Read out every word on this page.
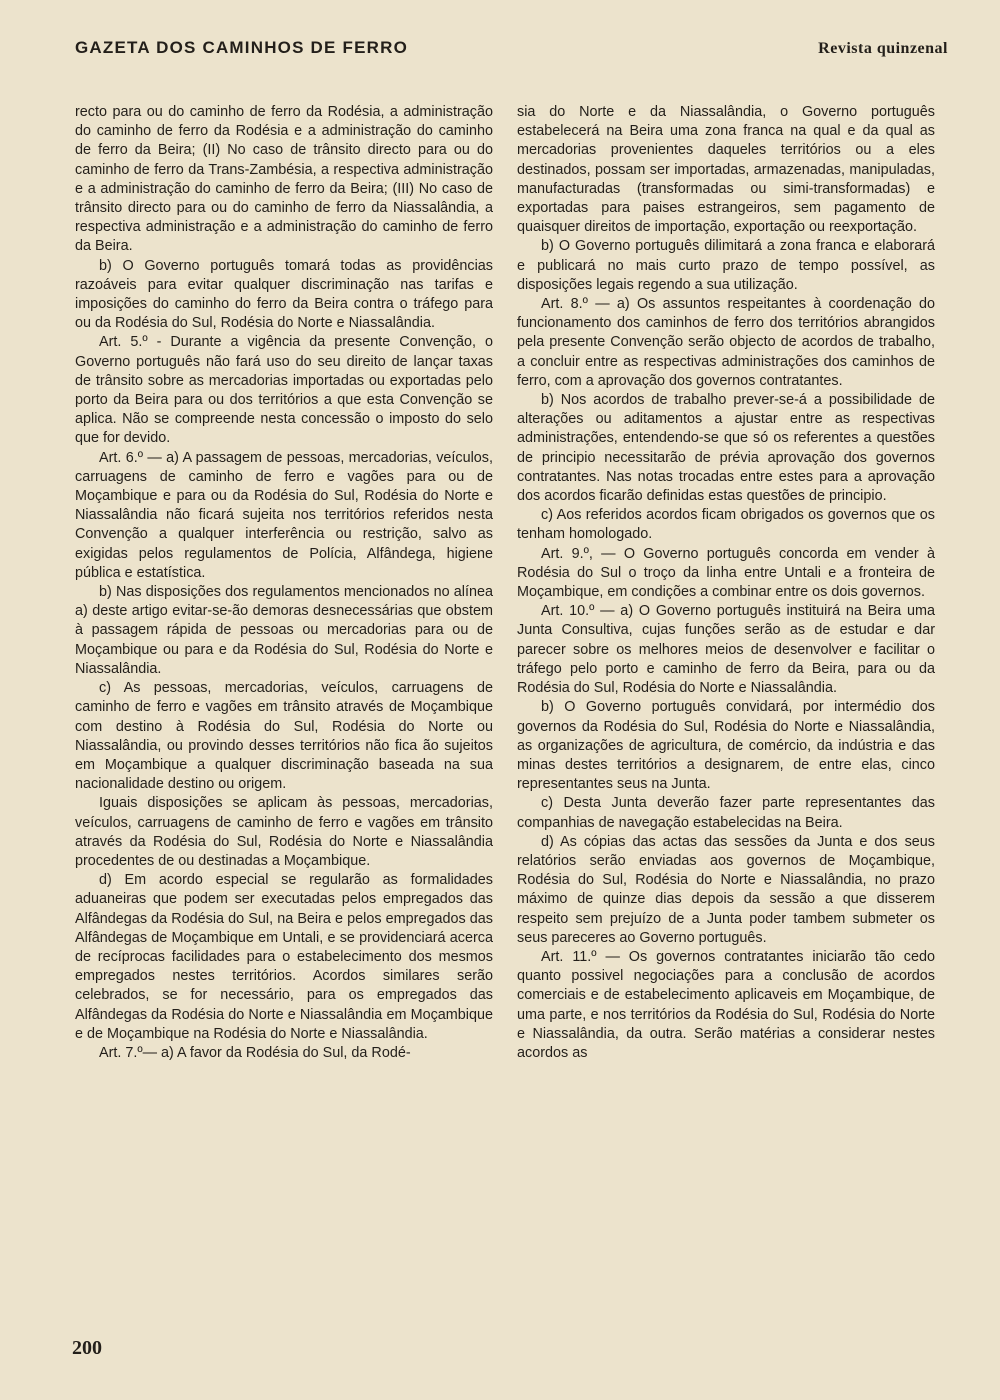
GAZETA DOS CAMINHOS DE FERRO	Revista quinzenal

recto para ou do caminho de ferro da Rodésia, a administração do caminho de ferro da Rodésia e a administração do caminho de ferro da Beira; (II) No caso de trânsito directo para ou do caminho de ferro da Trans-Zambésia, a respectiva administração e a administração do caminho de ferro da Beira; (III) No caso de trânsito directo para ou do caminho de ferro da Niassalândia, a respectiva administração e a administração do caminho de ferro da Beira.

b) O Governo português tomará todas as providências razoáveis para evitar qualquer discriminação nas tarifas e imposições do caminho do ferro da Beira contra o tráfego para ou da Rodésia do Sul, Rodésia do Norte e Niassalândia.

Art. 5.º - Durante a vigência da presente Convenção, o Governo português não fará uso do seu direito de lançar taxas de trânsito sobre as mercadorias importadas ou exportadas pelo porto da Beira para ou dos territórios a que esta Convenção se aplica. Não se compreende nesta concessão o imposto do selo que for devido.

Art. 6.º — a) A passagem de pessoas, mercadorias, veículos, carruagens de caminho de ferro e vagões para ou de Moçambique e para ou da Rodésia do Sul, Rodésia do Norte e Niassalândia não ficará sujeita nos territórios referidos nesta Convenção a qualquer interferência ou restrição, salvo as exigidas pelos regulamentos de Polícia, Alfândega, higiene pública e estatística.

b) Nas disposições dos regulamentos mencionados no alínea a) deste artigo evitar-se-ão demoras desnecessárias que obstem à passagem rápida de pessoas ou mercadorias para ou de Moçambique ou para e da Rodésia do Sul, Rodésia do Norte e Niassalândia.

c) As pessoas, mercadorias, veículos, carruagens de caminho de ferro e vagões em trânsito através de Moçambique com destino à Rodésia do Sul, Rodésia do Norte ou Niassalândia, ou provindo desses territórios não fica ão sujeitos em Moçambique a qualquer discriminação baseada na sua nacionalidade destino ou origem.

Iguais disposições se aplicam às pessoas, mercadorias, veículos, carruagens de caminho de ferro e vagões em trânsito através da Rodésia do Sul, Rodésia do Norte e Niassalândia procedentes de ou destinadas a Moçambique.

d) Em acordo especial se regularão as formalidades aduaneiras que podem ser executadas pelos empregados das Alfândegas da Rodésia do Sul, na Beira e pelos empregados das Alfândegas de Moçambique em Untali, e se providenciará acerca de recíprocas facilidades para o estabelecimento dos mesmos empregados nestes territórios. Acordos similares serão celebrados, se for necessário, para os empregados das Alfândegas da Rodésia do Norte e Niassalândia em Moçambique e de Moçambique na Rodésia do Norte e Niassalândia.

Art. 7.º— a) A favor da Rodésia do Sul, da Rodé-

sia do Norte e da Niassalândia, o Governo português estabelecerá na Beira uma zona franca na qual e da qual as mercadorias provenientes daqueles territórios ou a eles destinados, possam ser importadas, armazenadas, manipuladas, manufacturadas (transformadas ou simi-transformadas) e exportadas para paises estrangeiros, sem pagamento de quaisquer direitos de importação, exportação ou reexportação.

b) O Governo português dilimitará a zona franca e elaborará e publicará no mais curto prazo de tempo possível, as disposições legais regendo a sua utilização.

Art. 8.º — a) Os assuntos respeitantes à coordenação do funcionamento dos caminhos de ferro dos territórios abrangidos pela presente Convenção serão objecto de acordos de trabalho, a concluir entre as respectivas administrações dos caminhos de ferro, com a aprovação dos governos contratantes.

b) Nos acordos de trabalho prever-se-á a possibilidade de alterações ou aditamentos a ajustar entre as respectivas administrações, entendendo-se que só os referentes a questões de principio necessitarão de prévia aprovação dos governos contratantes. Nas notas trocadas entre estes para a aprovação dos acordos ficarão definidas estas questões de principio.

c) Aos referidos acordos ficam obrigados os governos que os tenham homologado.

Art. 9.º, — O Governo português concorda em vender à Rodésia do Sul o troço da linha entre Untali e a fronteira de Moçambique, em condições a combinar entre os dois governos.

Art. 10.º — a) O Governo português instituirá na Beira uma Junta Consultiva, cujas funções serão as de estudar e dar parecer sobre os melhores meios de desenvolver e facilitar o tráfego pelo porto e caminho de ferro da Beira, para ou da Rodésia do Sul, Rodésia do Norte e Niassalândia.

b) O Governo português convidará, por intermédio dos governos da Rodésia do Sul, Rodésia do Norte e Niassalândia, as organizações de agricultura, de comércio, da indústria e das minas destes territórios a designarem, de entre elas, cinco representantes seus na Junta.

c) Desta Junta deverão fazer parte representantes das companhias de navegação estabelecidas na Beira.

d) As cópias das actas das sessões da Junta e dos seus relatórios serão enviadas aos governos de Moçambique, Rodésia do Sul, Rodésia do Norte e Niassalândia, no prazo máximo de quinze dias depois da sessão a que disserem respeito sem prejuízo de a Junta poder tambem submeter os seus pareceres ao Governo português.

Art. 11.º — Os governos contratantes iniciarão tão cedo quanto possivel negociações para a conclusão de acordos comerciais e de estabelecimento aplicaveis em Moçambique, de uma parte, e nos territórios da Rodésia do Sul, Rodésia do Norte e Niassalândia, da outra. Serão matérias a considerar nestes acordos as

200
